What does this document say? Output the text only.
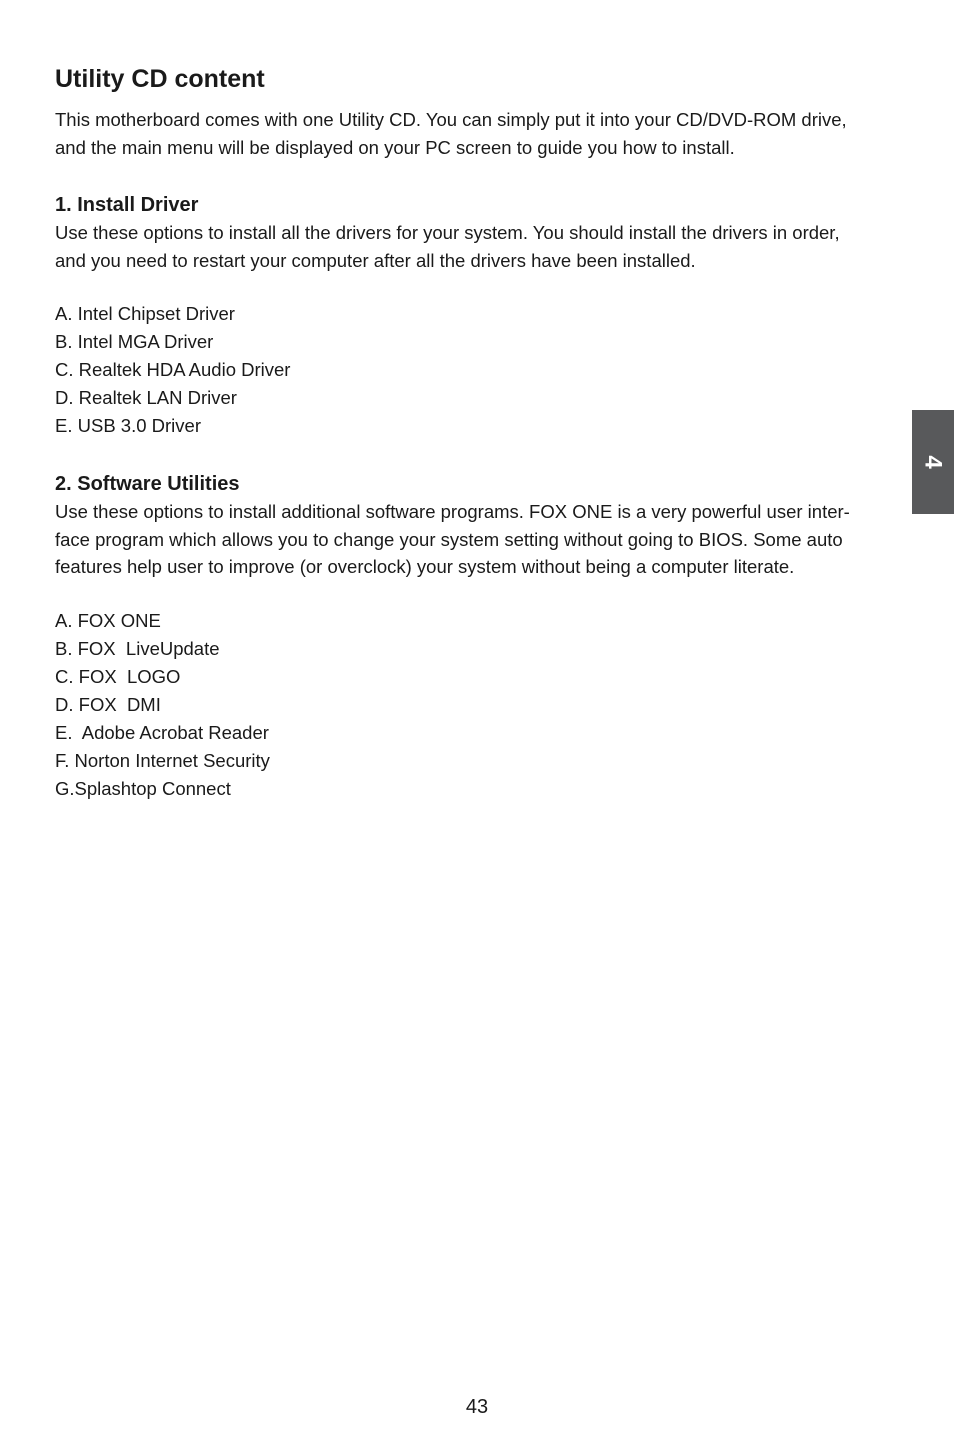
Utility CD content

This motherboard comes with one Utility CD. You can simply put it into your CD/DVD-ROM drive,
and the main menu will be displayed on your PC screen to guide you how to install.

1. Install Driver

Use these options to install all the drivers for your system. You should install the drivers in order,
and you need to restart your computer after all the drivers have been installed.

A. Intel Chipset Driver
B. Intel MGA Driver
C. Realtek HDA Audio Driver
D. Realtek LAN Driver
E. USB 3.0 Driver
2. Software Utilities

Use these options to install additional software programs. FOX ONE is a very powerful user inter-
face program which allows you to change your system setting without going to BIOS. Some auto
features help user to improve (or overclock) your system without being a computer literate.

A. FOX ONE
B. FOX  LiveUpdate
C. FOX  LOGO
D. FOX  DMI
E.  Adobe Acrobat Reader
F. Norton Internet Security
G.Splashtop Connect
4
43
